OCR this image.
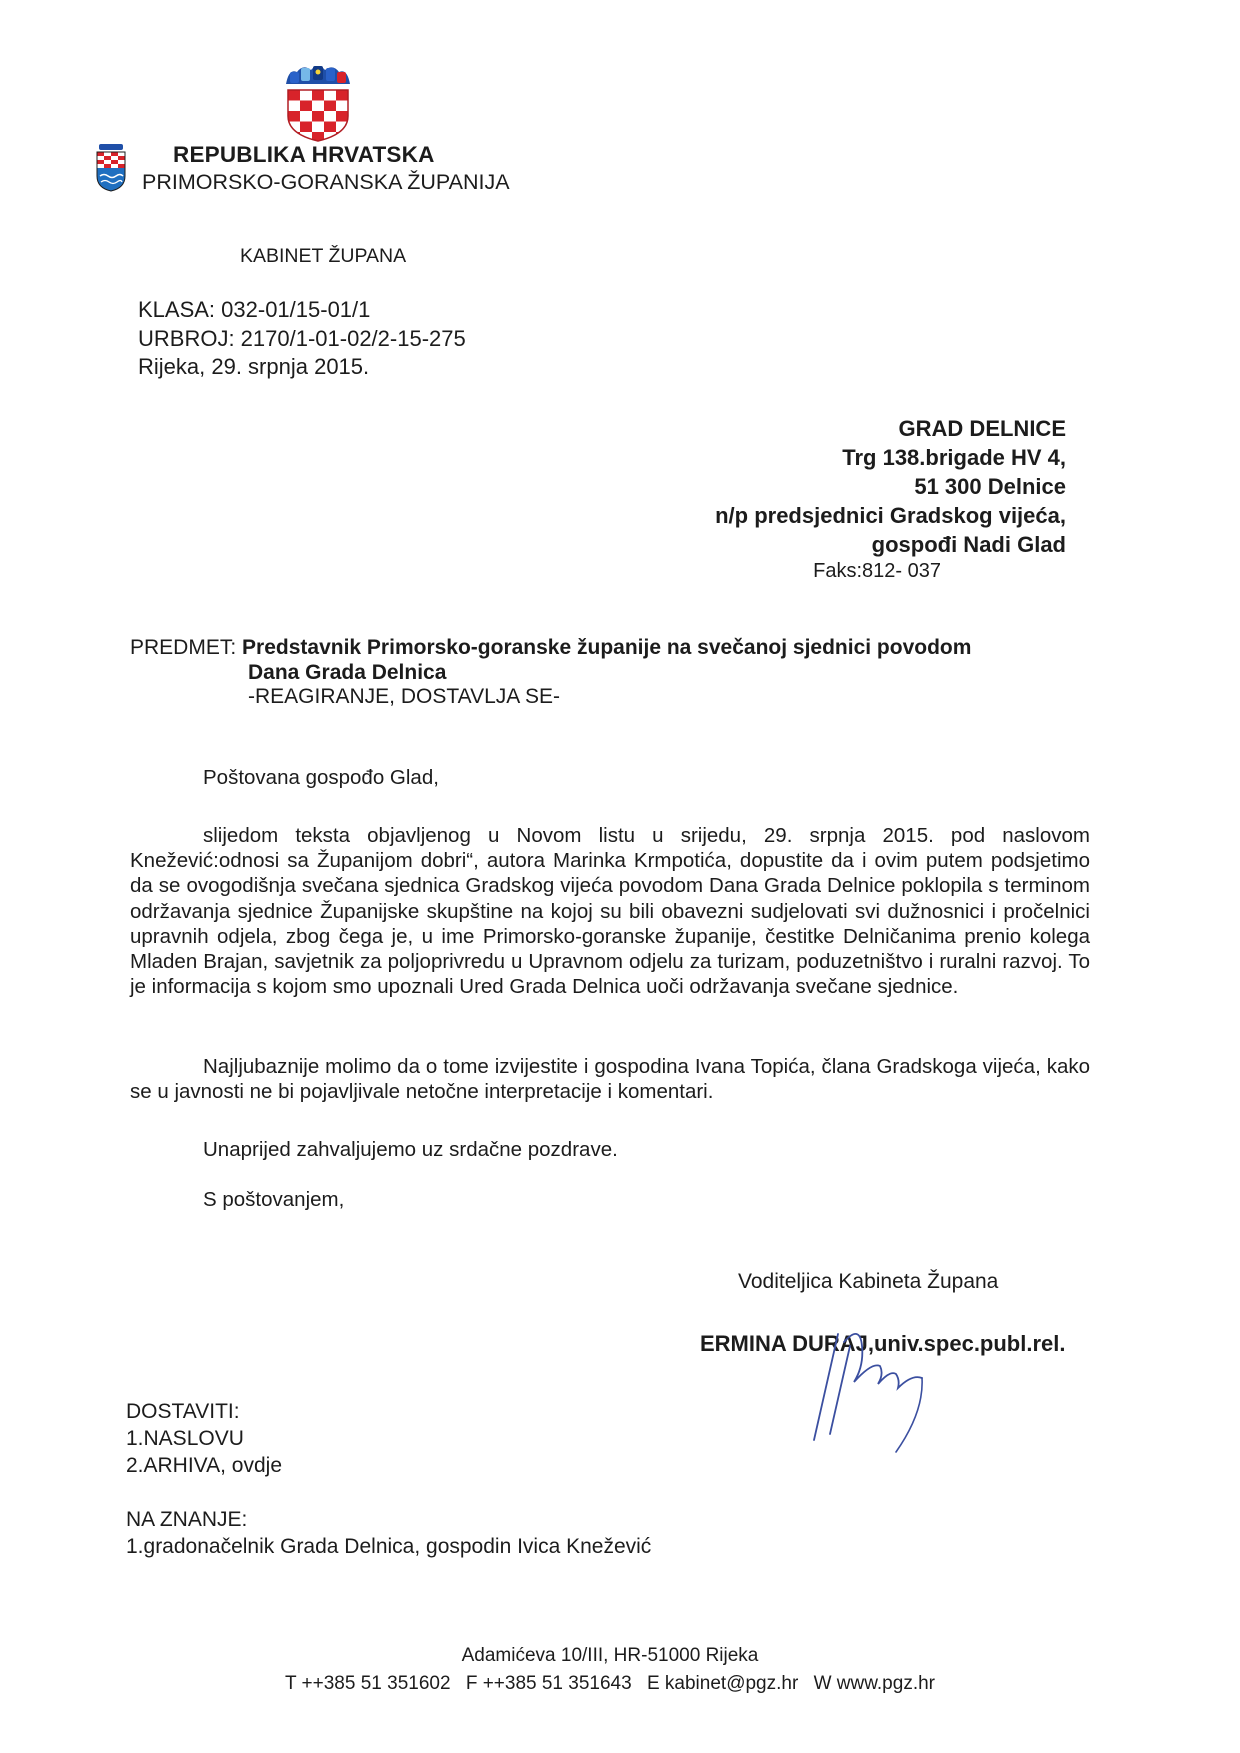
REPUBLIKA HRVATSKA
PRIMORSKO-GORANSKA ŽUPANIJA
KABINET ŽUPANA
KLASA: 032-01/15-01/1
URBROJ: 2170/1-01-02/2-15-275
Rijeka, 29. srpnja 2015.
GRAD DELNICE
Trg 138.brigade HV 4,
51 300 Delnice
n/p predsjednici Gradskog vijeća,
gospođi Nadi Glad
Faks:812- 037
PREDMET: Predstavnik Primorsko-goranske županije na svečanoj sjednici povodom
Dana Grada Delnica
-REAGIRANJE, DOSTAVLJA SE-
Poštovana gospođo Glad,
slijedom teksta objavljenog u Novom listu u srijedu, 29. srpnja 2015. pod naslovom Knežević:odnosi sa Županijom dobri“, autora Marinka Krmpotića, dopustite da i ovim putem podsjetimo da se ovogodišnja svečana sjednica Gradskog vijeća povodom Dana Grada Delnice poklopila s terminom održavanja sjednice Županijske skupštine na kojoj su bili obavezni sudjelovati svi dužnosnici i pročelnici upravnih odjela, zbog čega je, u ime Primorsko-goranske županije, čestitke Delničanima prenio kolega Mladen Brajan, savjetnik za poljoprivredu u Upravnom odjelu za turizam, poduzetništvo i ruralni razvoj. To je informacija s kojom smo upoznali Ured Grada Delnica uoči održavanja svečane sjednice.
Najljubaznije molimo da o tome izvijestite i gospodina Ivana Topića, člana Gradskoga vijeća, kako se u javnosti ne bi pojavljivale netočne interpretacije i komentari.
Unaprijed zahvaljujemo uz srdačne pozdrave.
S poštovanjem,
Voditeljica Kabineta Župana
ERMINA DURAJ,univ.spec.publ.rel.
DOSTAVITI:
1.NASLOVU
2.ARHIVA, ovdje
NA ZNANJE:
1.gradonačelnik Grada Delnica, gospodin Ivica Knežević
Adamićeva 10/III, HR-51000 Rijeka
T ++385 51 351602 F ++385 51 351643 E kabinet@pgz.hr W www.pgz.hr
